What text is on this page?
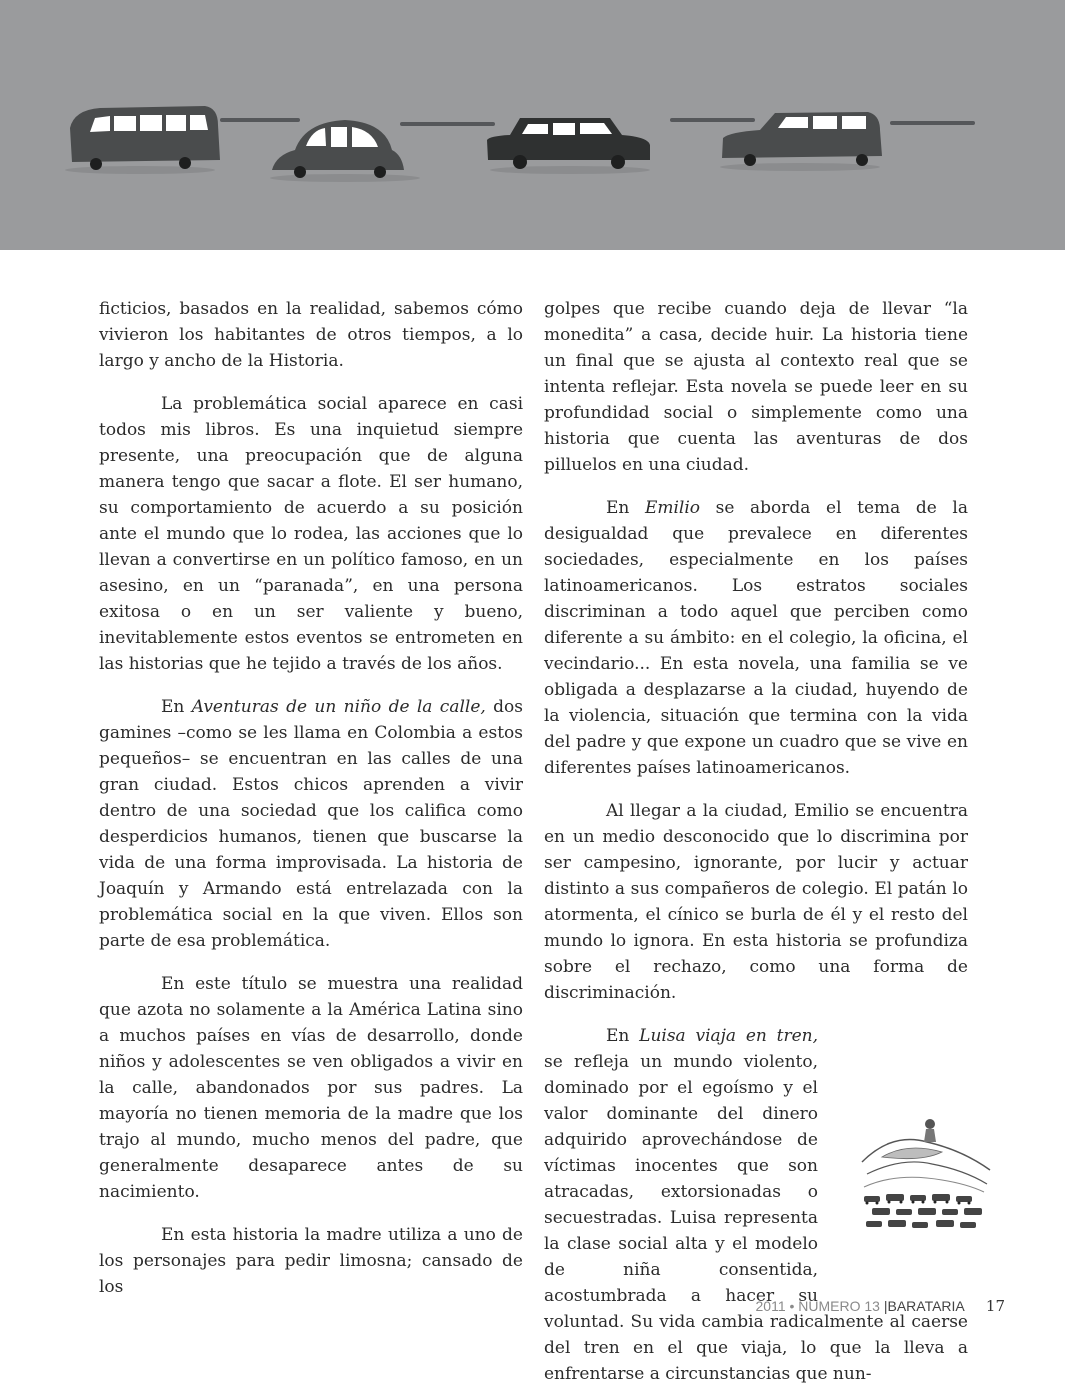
ficticios, basados en la realidad, sabemos cómo vivieron los habitantes de otros tiempos, a lo largo y ancho de la Historia.

La problemática social aparece en casi todos mis libros. Es una inquietud siempre presente, una preocupación que de alguna manera tengo que sacar a flote. El ser humano, su comportamiento de acuerdo a su posición ante el mundo que lo rodea, las acciones que lo llevan a convertirse en un político famoso, en un asesino, en un “paranada”, en una persona exitosa o en un ser valiente y bueno, inevitablemente estos eventos se entrometen en las historias que he tejido a través de los años.

En Aventuras de un niño de la calle, dos gamines –como se les llama en Colombia a estos pequeños– se encuentran en las calles de una gran ciudad. Estos chicos aprenden a vivir dentro de una sociedad que los califica como desperdicios humanos, tienen que buscarse la vida de una forma improvisada. La historia de Joaquín y Armando está entrelazada con la problemática social en la que viven. Ellos son parte de esa problemática.

En este título se muestra una realidad que azota no solamente a la América Latina sino a muchos países en vías de desarrollo, donde niños y adolescentes se ven obligados a vivir en la calle, abandonados por sus padres. La mayoría no tienen memoria de la madre que los trajo al mundo, mucho menos del padre, que generalmente desaparece antes de su nacimiento.

En esta historia la madre utiliza a uno de los personajes para pedir limosna; cansado de los

golpes que recibe cuando deja de llevar “la monedita” a casa, decide huir. La historia tiene un final que se ajusta al contexto real que se intenta reflejar. Esta novela se puede leer en su profundidad social o simplemente como una historia que cuenta las aventuras de dos pilluelos en una ciudad.

En Emilio se aborda el tema de la desigualdad que prevalece en diferentes sociedades, especialmente en los países latinoamericanos. Los estratos sociales discriminan a todo aquel que perciben como diferente a su ámbito: en el colegio, la oficina, el vecindario... En esta novela, una familia se ve obligada a desplazarse a la ciudad, huyendo de la violencia, situación que termina con la vida del padre y que expone un cuadro que se vive en diferentes países latinoamericanos.

Al llegar a la ciudad, Emilio se encuentra en un medio desconocido que lo discrimina por ser campesino, ignorante, por lucir y actuar distinto a sus compañeros de colegio. El patán lo atormenta, el cínico se burla de él y el resto del mundo lo ignora. En esta historia se profundiza sobre el rechazo, como una forma de discriminación.

En Luisa viaja en tren, se refleja un mundo violento, dominado por el egoísmo y el valor dominante del dinero adquirido aprovechándose de víctimas inocentes que son atracadas, extorsionadas o secuestradas. Luisa representa la clase social alta y el modelo de niña consentida, acostumbrada a hacer su voluntad. Su vida cambia radicalmente al caerse del tren en el que viaja, lo que la lleva a enfrentarse a circunstancias que nun-

2011 • NÚMERO 13 |BARATARIA 17
